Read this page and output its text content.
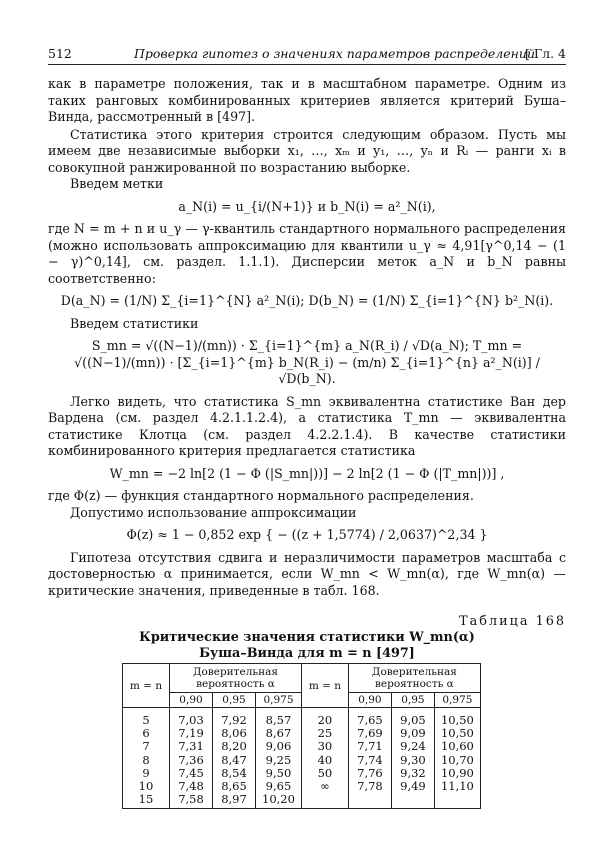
512	Проверка гипотез о значениях параметров распределений
[ Гл. 4

как в параметре положения, так и в масштабном параметре. Одним из таких ранговых комбинированных критериев является критерий Буша–Винда, рассмотренный в [497].

Статистика этого критерия строится следующим образом. Пусть мы имеем две независимые выборки x₁, …, xₘ и y₁, …, yₙ и Rᵢ — ранги xᵢ в совокупной ранжированной по возрастанию выборке.

Введем метки

a_N(i) = u_{i/(N+1)} и b_N(i) = a²_N(i),

где N = m + n и u_γ — γ-квантиль стандартного нормального распределения (можно использовать аппроксимацию для квантили u_γ ≈ 4,91[γ^0,14 − (1 − γ)^0,14], см. раздел. 1.1.1). Дисперсии меток a_N и b_N равны соответственно:

D(a_N) = (1/N) Σ_{i=1}^{N} a²_N(i); D(b_N) = (1/N) Σ_{i=1}^{N} b²_N(i).

Введем статистики

S_mn = √((N−1)/(mn)) · Σ_{i=1}^{m} a_N(R_i) / √D(a_N); T_mn = √((N−1)/(mn)) · [Σ_{i=1}^{m} b_N(R_i) − (m/n) Σ_{i=1}^{n} a²_N(i)] / √D(b_N).

Легко видеть, что статистика S_mn эквивалентна статистике Ван дер Вардена (см. раздел 4.2.1.1.2.4), а статистика T_mn — эквивалентна статистике Клотца (см. раздел 4.2.2.1.4). В качестве статистики комбинированного критерия предлагается статистика

W_mn = −2 ln[2 (1 − Φ (|S_mn|))] − 2 ln[2 (1 − Φ (|T_mn|))] ,

где Φ(z) — функция стандартного нормального распределения.

Допустимо использование аппроксимации

Φ(z) ≈ 1 − 0,852 exp { − ((z + 1,5774) / 2,0637)^2,34 }

Гипотеза отсутствия сдвига и неразличимости параметров масштаба с достоверностью α принимается, если W_mn < W_mn(α), где W_mn(α) — критические значения, приведенные в табл. 168.

Таблица 168
Критические значения статистики W_mn(α)
Буша–Винда для m = n [497]
m = n	Доверительная вероятность α			m = n	Доверительная вероятность α		
	0,90	0,95	0,975		0,90	0,95	0,975
5	7,03	7,92	8,57	20	7,65	9,05	10,50
6	7,19	8,06	8,67	25	7,69	9,09	10,50
7	7,31	8,20	9,06	30	7,71	9,24	10,60
8	7,36	8,47	9,25	40	7,74	9,30	10,70
9	7,45	8,54	9,50	50	7,76	9,32	10,90
10	7,48	8,65	9,65	∞	7,78	9,49	11,10
15	7,58	8,97	10,20				
